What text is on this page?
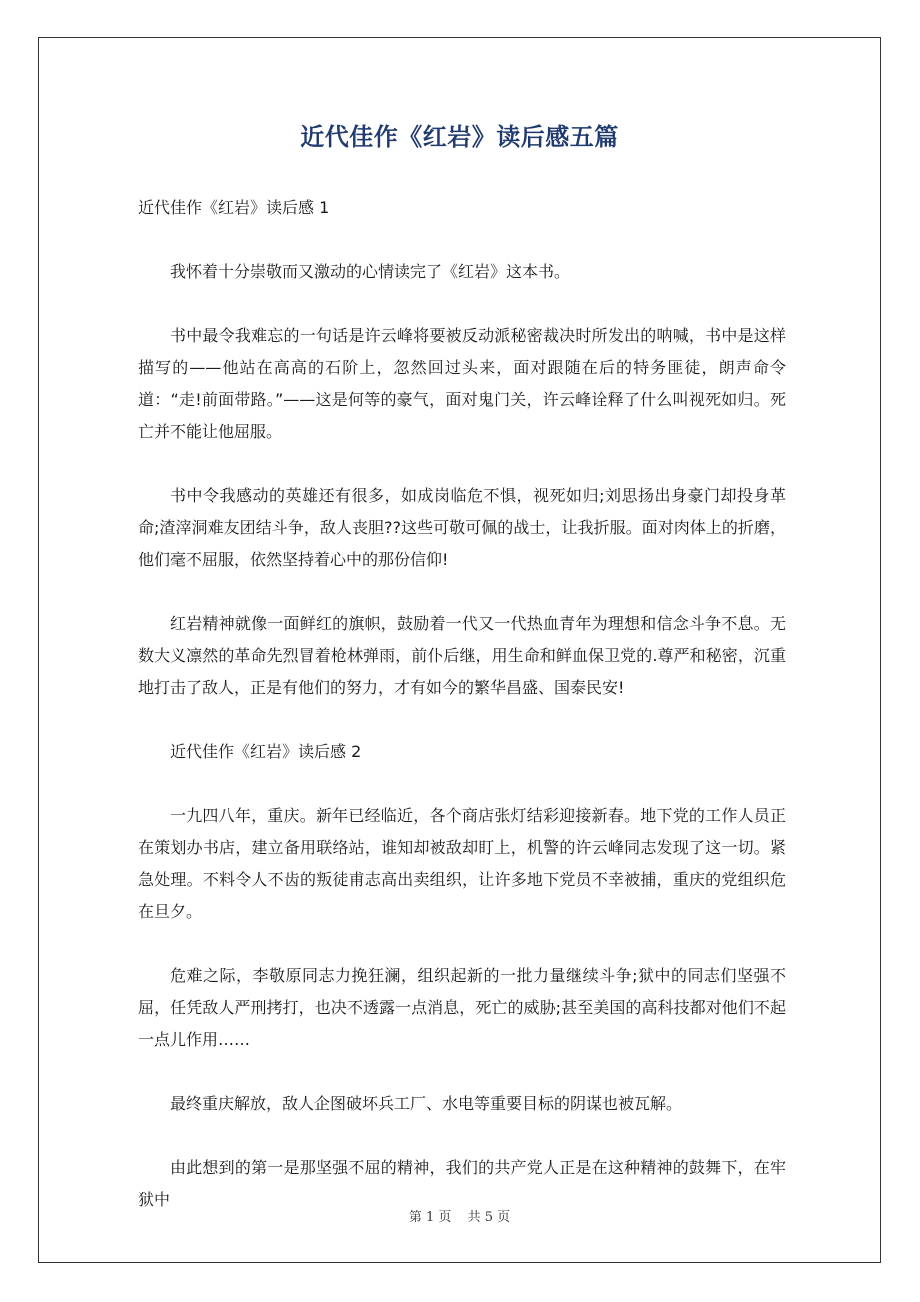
近代佳作《红岩》读后感五篇

近代佳作《红岩》读后感 1

我怀着十分崇敬而又激动的心情读完了《红岩》这本书。

书中最令我难忘的一句话是许云峰将要被反动派秘密裁决时所发出的呐喊，书中是这样描写的——他站在高高的石阶上，忽然回过头来，面对跟随在后的特务匪徒，朗声命令道：“走!前面带路。”——这是何等的豪气，面对鬼门关，许云峰诠释了什么叫视死如归。死亡并不能让他屈服。

书中令我感动的英雄还有很多，如成岗临危不惧，视死如归;刘思扬出身豪门却投身革命;渣滓洞难友团结斗争，敌人丧胆??这些可敬可佩的战士，让我折服。面对肉体上的折磨，他们毫不屈服，依然坚持着心中的那份信仰!

红岩精神就像一面鲜红的旗帜，鼓励着一代又一代热血青年为理想和信念斗争不息。无数大义凛然的革命先烈冒着枪林弹雨，前仆后继，用生命和鲜血保卫党的.尊严和秘密，沉重地打击了敌人，正是有他们的努力，才有如今的繁华昌盛、国泰民安!

近代佳作《红岩》读后感 2

一九四八年，重庆。新年已经临近，各个商店张灯结彩迎接新春。地下党的工作人员正在策划办书店，建立备用联络站，谁知却被敌却盯上，机警的许云峰同志发现了这一切。紧急处理。不料令人不齿的叛徒甫志高出卖组织，让许多地下党员不幸被捕，重庆的党组织危在旦夕。

危难之际，李敬原同志力挽狂澜，组织起新的一批力量继续斗争;狱中的同志们坚强不屈，任凭敌人严刑拷打，也决不透露一点消息，死亡的威胁;甚至美国的高科技都对他们不起一点儿作用……

最终重庆解放，敌人企图破坏兵工厂、水电等重要目标的阴谋也被瓦解。

由此想到的第一是那坚强不屈的精神，我们的共产党人正是在这种精神的鼓舞下，在牢狱中

第 1 页 共 5 页
